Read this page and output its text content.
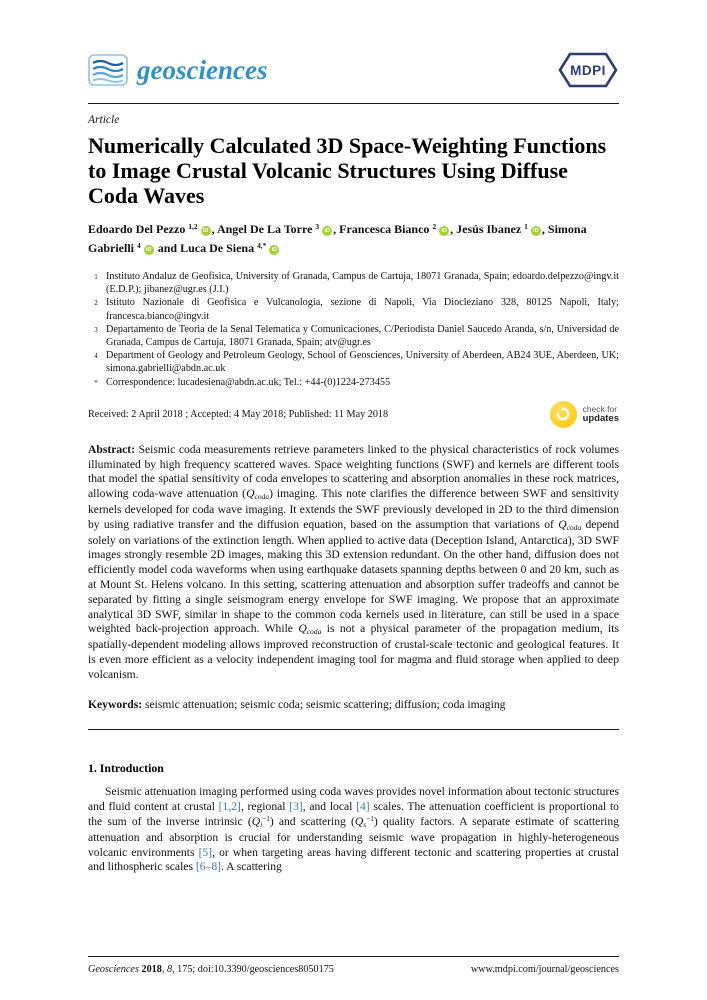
geosciences	MDPI
Article
Numerically Calculated 3D Space-Weighting Functions to Image Crustal Volcanic Structures Using Diffuse Coda Waves

Edoardo Del Pezzo $^{1,2}$ iD , Angel De La Torre $^3$ iD , Francesca Bianco $^2$ iD , Jesús Ibanez $^1$ iD , Simona Gabrielli $^4$ iD and Luca De Siena $^{4,*}$ iD

1 Instituto Andaluz de Geofisica, University of Granada, Campus de Cartuja, 18071 Granada, Spain; edoardo.delpezzo@ingv.it (E.D.P.); jibanez@ugr.es (J.I.)
2 Istituto Nazionale di Geofisica e Vulcanologia, sezione di Napoli, Via Diocleziano 328, 80125 Napoli, Italy; francesca.bianco@ingv.it
3 Departamento de Teoria de la Senal Telematica y Comunicaciones, C/Periodista Daniel Saucedo Aranda, s/n, Universidad de Granada, Campus de Cartuja, 18071 Granada, Spain; atv@ugr.es
4 Department of Geology and Petroleum Geology, School of Geosciences, University of Aberdeen, AB24 3UE, Aberdeen, UK; simona.gabrielli@abdn.ac.uk
* Correspondence: lucadesiena@abdn.ac.uk; Tel.: +44-(0)1224-273455
Received: 2 April 2018 ; Accepted: 4 May 2018; Published: 11 May 2018	check for
updates

Abstract: Seismic coda measurements retrieve parameters linked to the physical characteristics of rock volumes illuminated by high frequency scattered waves. Space weighting functions (SWF) and kernels are different tools that model the spatial sensitivity of coda envelopes to scattering and absorption anomalies in these rock matrices, allowing coda-wave attenuation (Qcoda) imaging. This note clarifies the difference between SWF and sensitivity kernels developed for coda wave imaging. It extends the SWF previously developed in 2D to the third dimension by using radiative transfer and the diffusion equation, based on the assumption that variations of Qcoda depend solely on variations of the extinction length. When applied to active data (Deception Island, Antarctica), 3D SWF images strongly resemble 2D images, making this 3D extension redundant. On the other hand, diffusion does not efficiently model coda waveforms when using earthquake datasets spanning depths between 0 and 20 km, such as at Mount St. Helens volcano. In this setting, scattering attenuation and absorption suffer tradeoffs and cannot be separated by fitting a single seismogram energy envelope for SWF imaging. We propose that an approximate analytical 3D SWF, similar in shape to the common coda kernels used in literature, can still be used in a space weighted back-projection approach. While Qcoda is not a physical parameter of the propagation medium, its spatially-dependent modeling allows improved reconstruction of crustal-scale tectonic and geological features. It is even more efficient as a velocity independent imaging tool for magma and fluid storage when applied to deep volcanism.

Keywords: seismic attenuation; seismic coda; seismic scattering; diffusion; coda imaging

1. Introduction

Seismic attenuation imaging performed using coda waves provides novel information about tectonic structures and fluid content at crustal [1,2], regional [3], and local [4] scales. The attenuation coefficient is proportional to the sum of the inverse intrinsic $(Qi^{-1})$ and scattering $(Qs^{-1})$ quality factors. A separate estimate of scattering attenuation and absorption is crucial for understanding seismic wave propagation in highly-heterogeneous volcanic environments [5], or when targeting areas having different tectonic and scattering properties at crustal and lithospheric scales [6–8]. A scattering

Geosciences 2018, 8, 175; doi:10.3390/geosciences8050175	www.mdpi.com/journal/geosciences
